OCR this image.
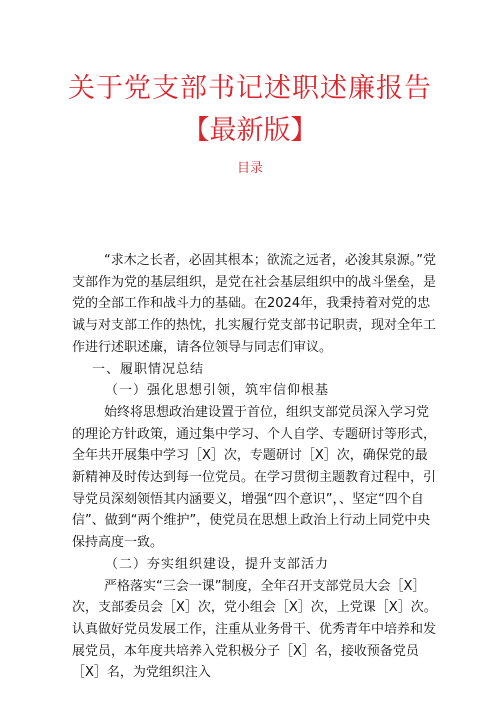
关于党支部书记述职述廉报告
【最新版】
目录

“求木之长者，必固其根本；欲流之远者，必浚其泉源。”党支部作为党的基层组织，是党在社会基层组织中的战斗堡垒，是党的全部工作和战斗力的基础。在2024年，我秉持着对党的忠诚与对支部工作的热忱，扎实履行党支部书记职责，现对全年工作进行述职述廉，请各位领导与同志们审议。

一、履职情况总结

（一）强化思想引领，筑牢信仰根基

始终将思想政治建设置于首位，组织支部党员深入学习党的理论方针政策，通过集中学习、个人自学、专题研讨等形式，全年共开展集中学习［X］次，专题研讨［X］次，确保党的最新精神及时传达到每一位党员。在学习贯彻主题教育过程中，引导党员深刻领悟其内涵要义，增强“四个意识”，、坚定“四个自信”、做到“两个维护”，使党员在思想上政治上行动上同党中央保持高度一致。

（二）夯实组织建设，提升支部活力

严格落实“三会一课”制度，全年召开支部党员大会［X］次，支部委员会［X］次，党小组会［X］次，上党课［X］次。认真做好党员发展工作，注重从业务骨干、优秀青年中培养和发展党员，本年度共培养入党积极分子［X］名，接收预备党员［X］名，为党组织注入
